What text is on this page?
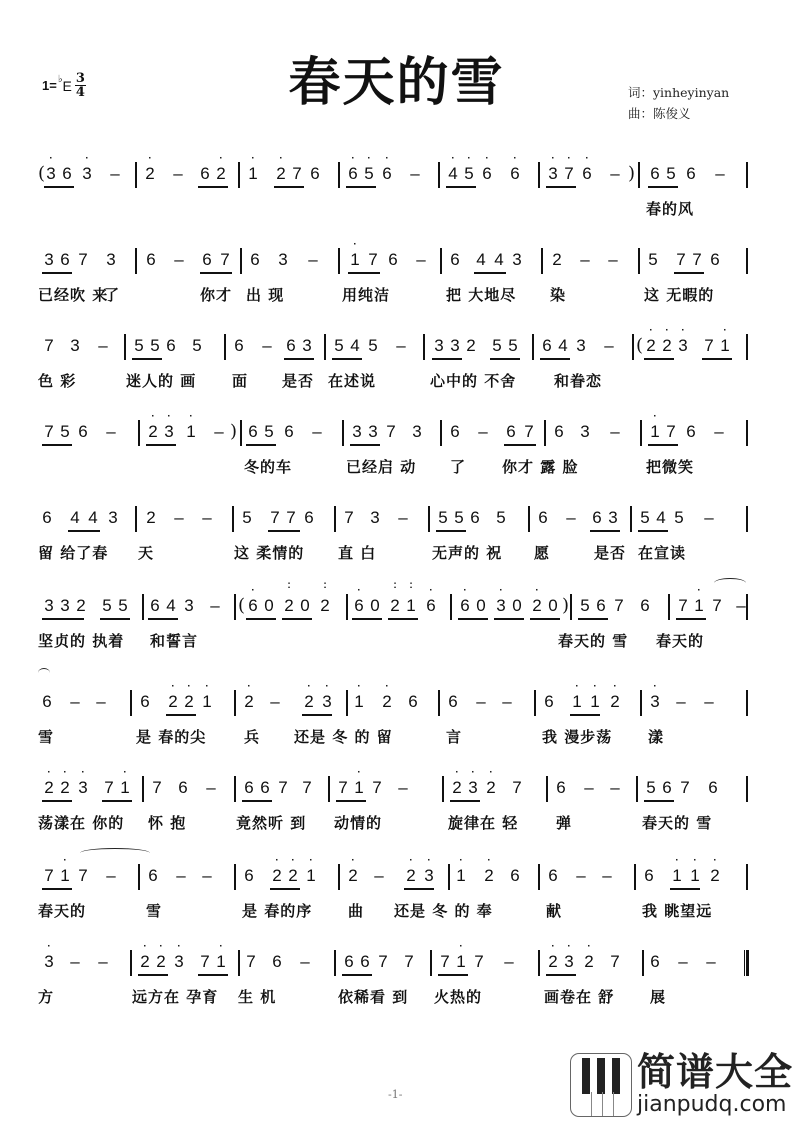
1= ♭ E $\frac{3}{4}$	春天的雪	词：yinheyinyan
曲：陈俊义
( 3
·
6 3
·
– 2
·
– 6 2
·
1
·
2
·
7 6 6
·
5
·
6
·
– 4
·
5
·
6
·
6
·
3
·
7
·
6
·
– ) 6 5 6 –
春的风
3 6 7 3 6 – 6 7 6 3 – 1
·
7 6 – 6 4 4 3 2 – – 5 7 7 6
已经吹 来
了	你才 出 现	用纯洁	把 大地尽 染	这 无暇的
7 3 – 5 5 6 5 6 – 6 3 5 4 5 – 3 3 2 5 5 6 4 3 – ( 2
·
2
·
3
·
7 1
·
色 彩	迷人的 画 面 是否 在述说	心中的 不舍	和眷恋
7 5 6 – 2
·
3
·
1
·
– ) 6 5 6 – 3 3 7 3 6 – 6 7 6 3 – 1
·
7 6 –
冬的车	已经启 动 了 你才 露 脸	把微笑
6 4 4 3 2 – – 5 7 7 6 7 3 – 5 5 6 5 6 – 6 3 5 4 5 –
留 给了春 天	这 柔情的 直 白	无声的 祝 愿	是否 在宣读
3 3 2 5 5 6 4 3 – ( 6
·
0 2
:
0 2
:
6
·
0 2
:
1
:
6
·
6
·
0 3
·
0 2
·
0 ) 5 6 7 6 7 1
·
7 –
坚贞的 执着 和誓言	春天的 雪 春天的
6 – – 6 2
·
2
·
1
·
2
·
– 2
·
3
·
1
·
2
·
6 6 – – 6 1
·
1
·
2
·
3
·
– –
雪	是 春的尖	兵 还是 冬 的 留	言	我 漫步荡 漾
2
·
2
·
3
·
7 1
·
7 6 – 6 6 7 7 7 1
·
7 –	2
·
3
·
2
·
7 6 – – 5 6 7 6
荡漾在 你的 怀 抱	竟然听 到 动情的	旋律在 轻	弹	春天的 雪
7 1
·
7 – 6 – – 6 2
·
2
·
1
·
2
·
– 2
·
3
·
1
·
2
·
6 6 – – 6 1
·
1
·
2
·
春天的	雪	是 春的序 曲 还是 冬 的 奉	献	我 眺望远
3
·
– – 2
·
2
·
3
·
7 1
·
7 6 – 6 6 7 7 7 1
·
7 – 2
·
3
·
2
·
7 6 – –
方	远方在 孕育 生 机	依稀看 到 火热的	画卷在 舒 展
-1-
简谱大全
jianpudq.com
